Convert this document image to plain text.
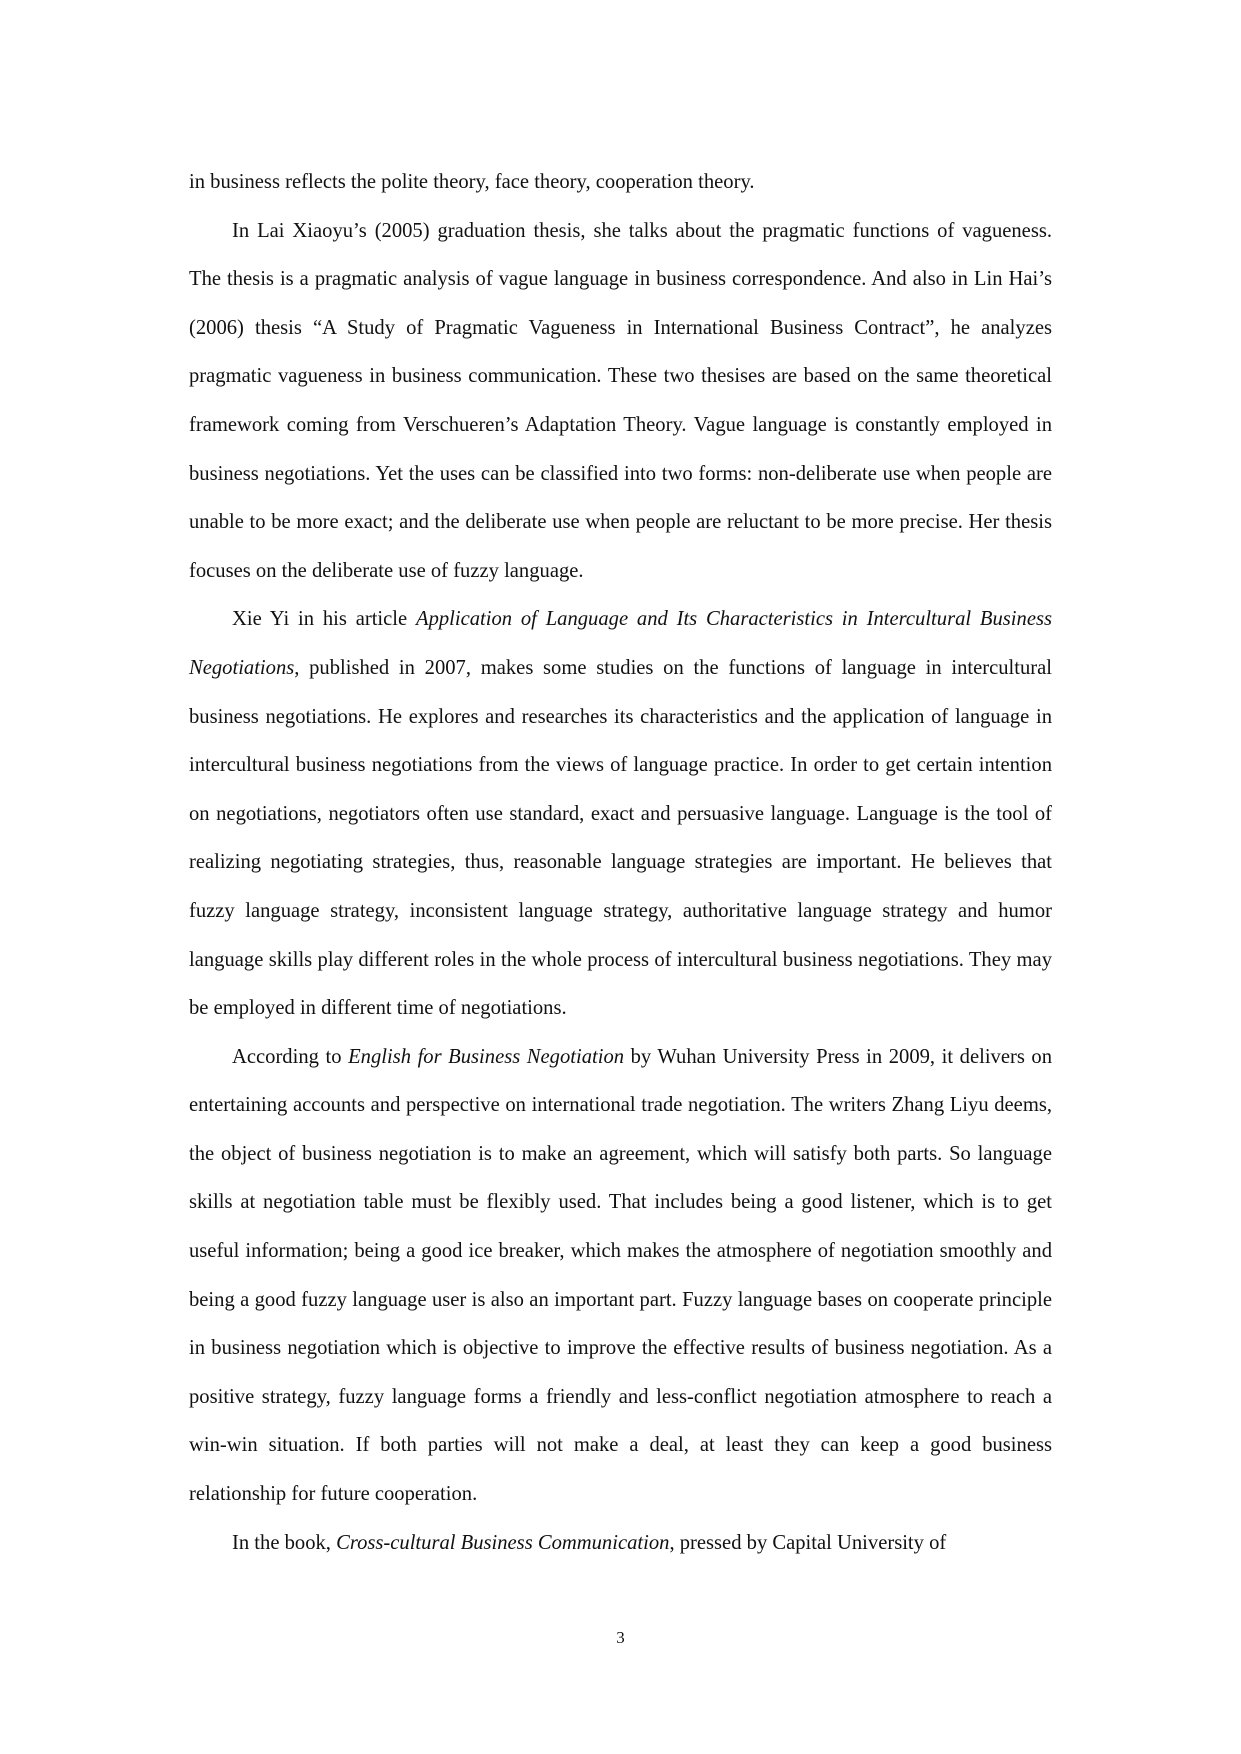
in business reflects the polite theory, face theory, cooperation theory.

In Lai Xiaoyu’s (2005) graduation thesis, she talks about the pragmatic functions of vagueness. The thesis is a pragmatic analysis of vague language in business correspondence. And also in Lin Hai’s (2006) thesis “A Study of Pragmatic Vagueness in International Business Contract”, he analyzes pragmatic vagueness in business communication. These two thesises are based on the same theoretical framework coming from Verschueren’s Adaptation Theory. Vague language is constantly employed in business negotiations. Yet the uses can be classified into two forms: non-deliberate use when people are unable to be more exact; and the deliberate use when people are reluctant to be more precise. Her thesis focuses on the deliberate use of fuzzy language.

Xie Yi in his article Application of Language and Its Characteristics in Intercultural Business Negotiations, published in 2007, makes some studies on the functions of language in intercultural business negotiations. He explores and researches its characteristics and the application of language in intercultural business negotiations from the views of language practice. In order to get certain intention on negotiations, negotiators often use standard, exact and persuasive language. Language is the tool of realizing negotiating strategies, thus, reasonable language strategies are important. He believes that fuzzy language strategy, inconsistent language strategy, authoritative language strategy and humor language skills play different roles in the whole process of intercultural business negotiations. They may be employed in different time of negotiations.

According to English for Business Negotiation by Wuhan University Press in 2009, it delivers on entertaining accounts and perspective on international trade negotiation. The writers Zhang Liyu deems, the object of business negotiation is to make an agreement, which will satisfy both parts. So language skills at negotiation table must be flexibly used. That includes being a good listener, which is to get useful information; being a good ice breaker, which makes the atmosphere of negotiation smoothly and being a good fuzzy language user is also an important part. Fuzzy language bases on cooperate principle in business negotiation which is objective to improve the effective results of business negotiation. As a positive strategy, fuzzy language forms a friendly and less-conflict negotiation atmosphere to reach a win-win situation. If both parties will not make a deal, at least they can keep a good business relationship for future cooperation.

In the book, Cross-cultural Business Communication, pressed by Capital University of

3
